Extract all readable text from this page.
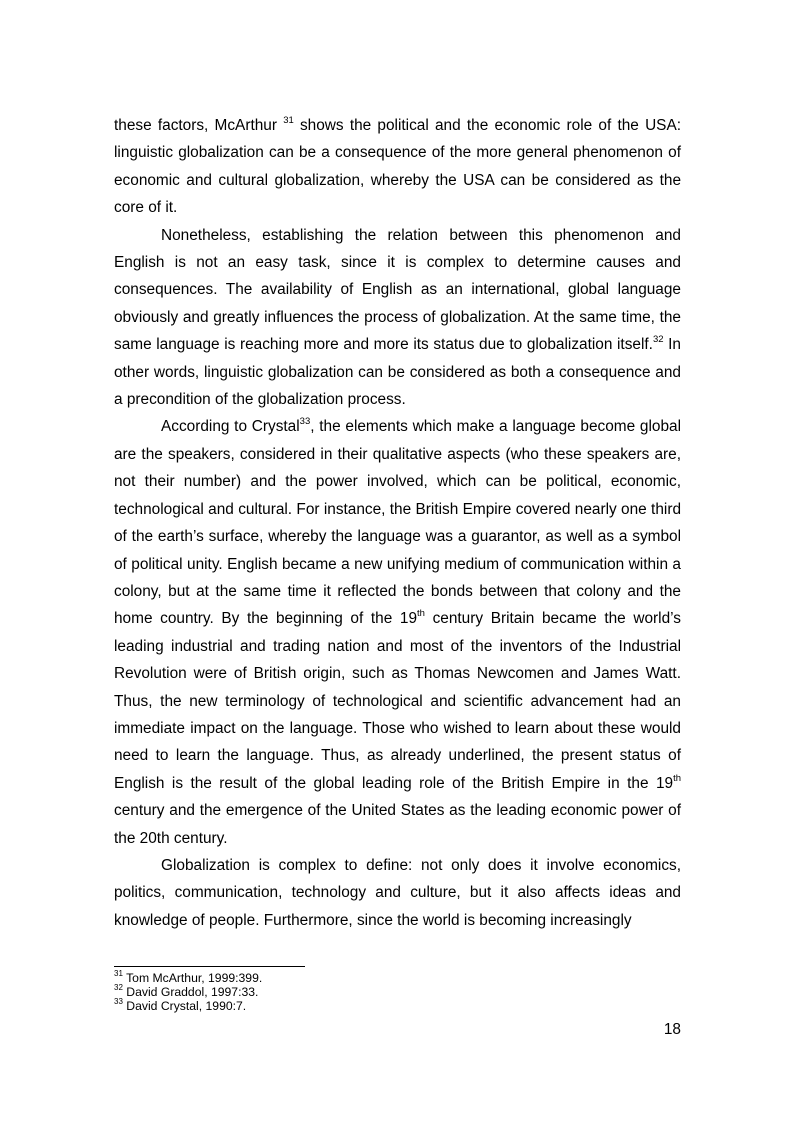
these factors, McArthur $^{31}$ shows the political and the economic role of the USA: linguistic globalization can be a consequence of the more general phenomenon of economic and cultural globalization, whereby the USA can be considered as the core of it.

Nonetheless, establishing the relation between this phenomenon and English is not an easy task, since it is complex to determine causes and consequences. The availability of English as an international, global language obviously and greatly influences the process of globalization. At the same time, the same language is reaching more and more its status due to globalization itself.$^{32}$ In other words, linguistic globalization can be considered as both a consequence and a precondition of the globalization process.

According to Crystal$^{33}$, the elements which make a language become global are the speakers, considered in their qualitative aspects (who these speakers are, not their number) and the power involved, which can be political, economic, technological and cultural. For instance, the British Empire covered nearly one third of the earth’s surface, whereby the language was a guarantor, as well as a symbol of political unity. English became a new unifying medium of communication within a colony, but at the same time it reflected the bonds between that colony and the home country. By the beginning of the 19th century Britain became the world’s leading industrial and trading nation and most of the inventors of the Industrial Revolution were of British origin, such as Thomas Newcomen and James Watt. Thus, the new terminology of technological and scientific advancement had an immediate impact on the language. Those who wished to learn about these would need to learn the language. Thus, as already underlined, the present status of English is the result of the global leading role of the British Empire in the 19th century and the emergence of the United States as the leading economic power of the 20th century.

Globalization is complex to define: not only does it involve economics, politics, communication, technology and culture, but it also affects ideas and knowledge of people. Furthermore, since the world is becoming increasingly

$^{31}$ Tom McArthur, 1999:399.
$^{32}$ David Graddol, 1997:33.
$^{33}$ David Crystal, 1990:7.
18
